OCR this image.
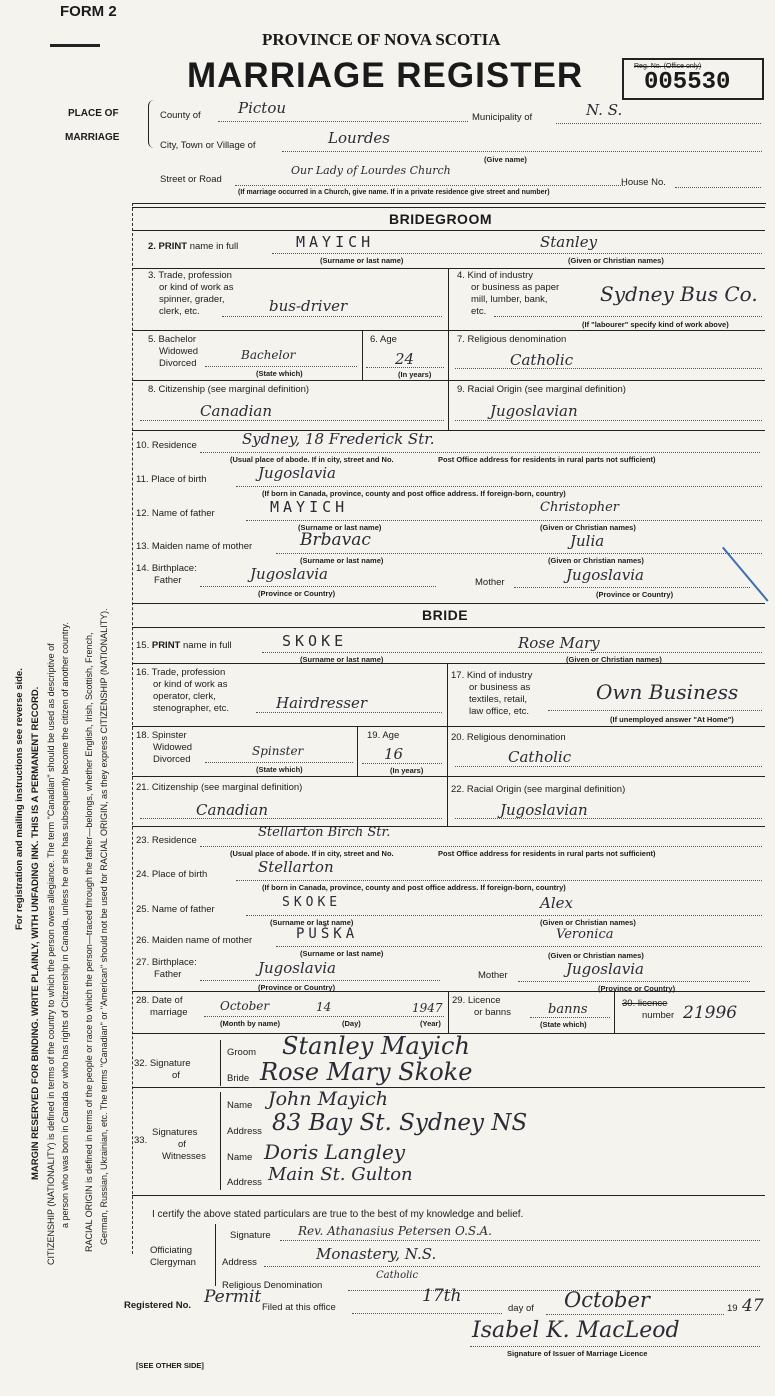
FORM 2
PROVINCE OF NOVA SCOTIA
MARRIAGE REGISTER	Reg. No. (Office only)
005530
PLACE OF
MARRIAGE
County of Pictou
Municipality of	N. S.
City, Town or Village of	Lourdes
(Give name)
Street or Road
Our Lady of Lourdes Church
House No.
(If marriage occurred in a Church, give name. If in a private residence give street and number)
BRIDEGROOM
2. PRINT name in full	MAYICH	Stanley
(Surname or last name)	(Given or Christian names)
3. Trade, profession
or kind of work as
spinner, grader,
clerk, etc.	bus-driver
4. Kind of industry
or business as paper
mill, lumber, bank,
etc.
Sydney Bus Co.
(If "labourer" specify kind of work above)
5. Bachelor
Widowed
Divorced
Bachelor
(State which)
6. Age
24
(In years)
7. Religious denomination
Catholic
8. Citizenship (see marginal definition)
Canadian
9. Racial Origin (see marginal definition)
Jugoslavian
10. Residence	Sydney, 18 Frederick Str.
(Usual place of abode. If in city, street and No.	Post Office address for residents in rural parts not sufficient)
11. Place of birth	Jugoslavia
(If born in Canada, province, county and post office address. If foreign-born, country)
12. Name of father	MAYICH	Christopher
(Surname or last name)	(Given or Christian names)
13. Maiden name of mother	Brbavac	Julia
(Surname or last name)	(Given or Christian names)
14. Birthplace:
Father	Jugoslavia
(Province or Country)
Mother	Jugoslavia
(Province or Country)
BRIDE
15. PRINT name in full	SKOKE	Rose Mary
(Surname or last name)	(Given or Christian names)
16. Trade, profession
or kind of work as
operator, clerk,
stenographer, etc.	Hairdresser
17. Kind of industry
or business as
textiles, retail,
law office, etc.
Own Business
(If unemployed answer "At Home")
18. Spinster
Widowed
Divorced
Spinster
(State which)
19. Age
16
(In years)
20. Religious denomination
Catholic
21. Citizenship (see marginal definition)
Canadian
22. Racial Origin (see marginal definition)
Jugoslavian
23. Residence
Stellarton Birch Str.
(Usual place of abode. If in city, street and No.	Post Office address for residents in rural parts not sufficient)
24. Place of birth	Stellarton
(If born in Canada, province, county and post office address. If foreign-born, country)
25. Name of father	SKOKE	Alex
(Surname or last name)	(Given or Christian names)
26. Maiden name of mother	PUŠKA	Veronica
(Surname or last name)	(Given or Christian names)
27. Birthplace:
Father	Jugoslavia
(Province or Country)
Mother	Jugoslavia
(Province or Country)
28. Date of
marriage	October	14	1947
(Month by name)	(Day)	(Year)
29. Licence
or banns	banns
(State which)
30. licence
number 21996
32. Signature
of
Groom Stanley Mayich
Bride Rose Mary Skoke
33.
Signatures
of
Witnesses
Name John Mayich
Address 83 Bay St. Sydney NS
Name Doris Langley
Address Main St. Gulton
I certify the above stated particulars are true to the best of my knowledge and belief.
Signature Rev. Athanasius Petersen O.S.A.
Officiating
Clergyman	Address	Monastery, N.S.
Religious Denomination
Catholic
Registered No. Permit
Filed at this office
17th
day of October	19 47
Isabel K. MacLeod
Signature of Issuer of Marriage Licence
[SEE OTHER SIDE]
For registration and mailing instructions see reverse side. MARGIN RESERVED FOR BINDING. WRITE PLAINLY, WITH UNFADING INK. THIS IS A PERMANENT RECORD. CITIZENSHIP (NATIONALITY) is defined in terms of the country to which the person owes allegiance. The term "Canadian" should be used as descriptive of a person who was born in Canada or who has rights of Citizenship in Canada, unless he or she has subsequently become the citizen of another country. RACIAL ORIGIN is defined in terms of the people or race to which the person—traced through the father—belongs, whether English, Irish, Scottish, French, German, Russian, Ukrainian, etc. The terms "Canadian" or "American" should not be used for RACIAL ORIGIN, as they express CITIZENSHIP (NATIONALITY).
